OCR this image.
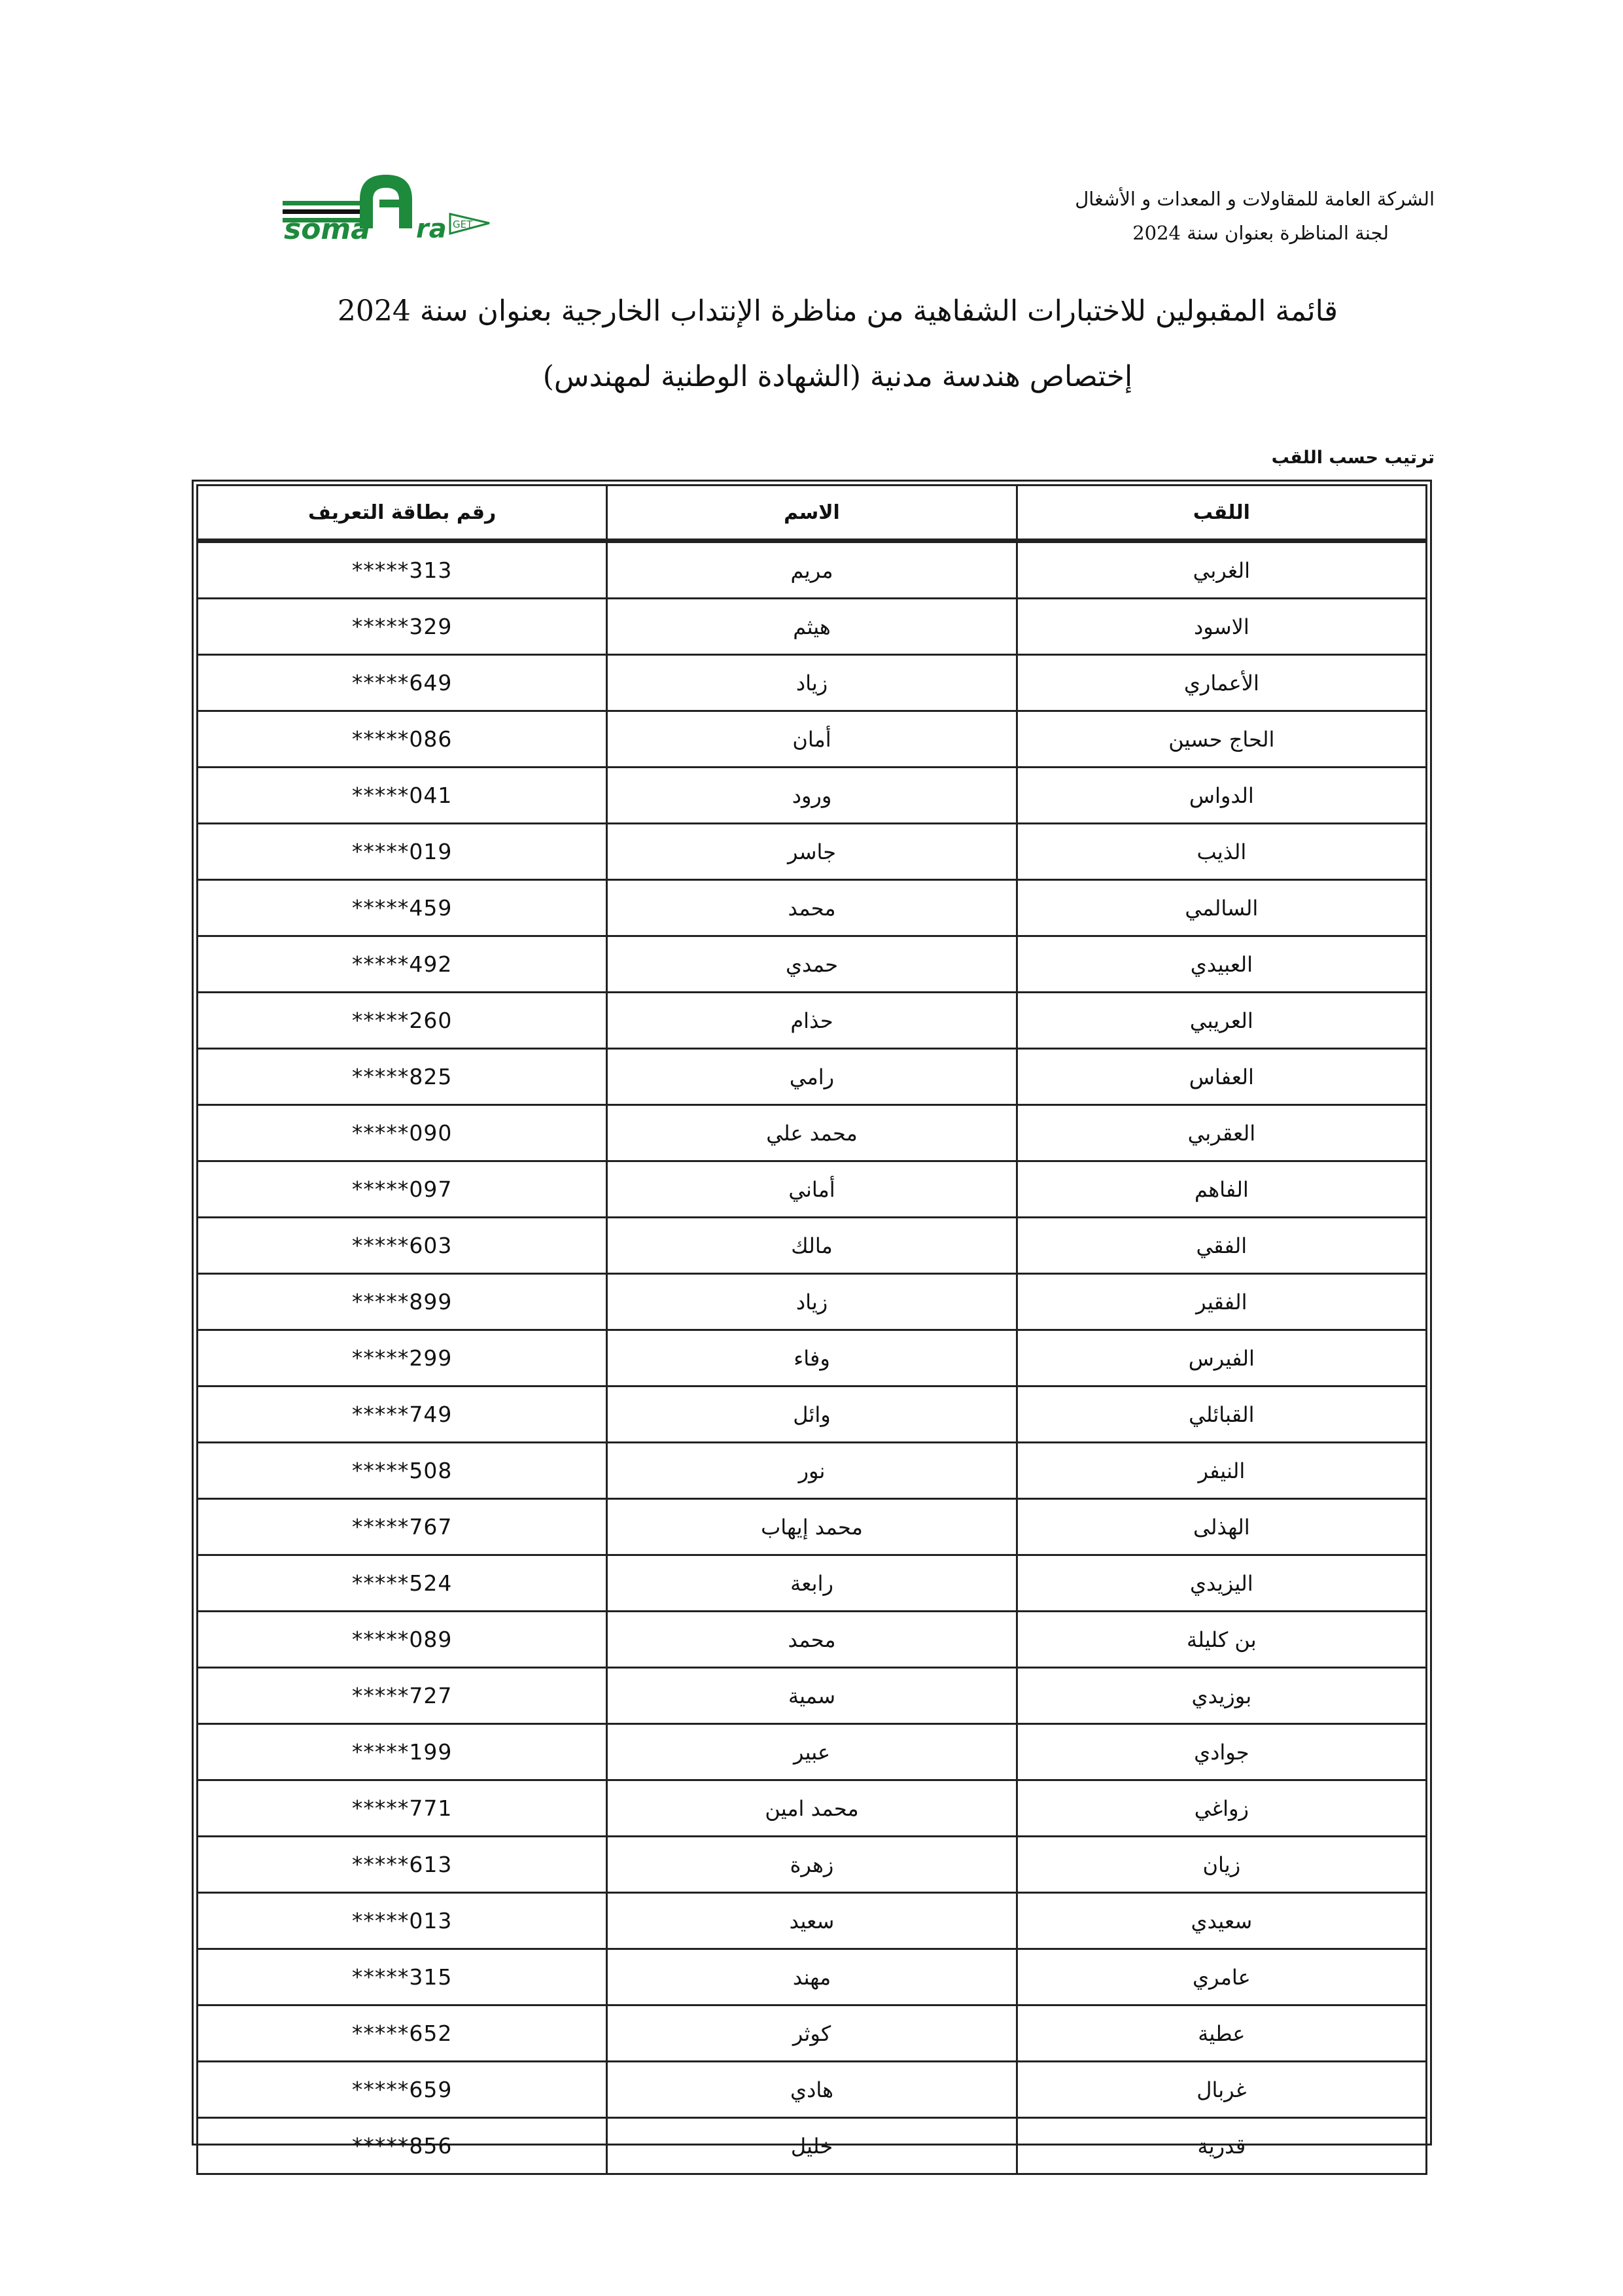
الشركة العامة للمقاولات و المعدات و الأشغال
لجنة المناظرة بعنوان سنة 2024
soma ra GET
قائمة المقبولين للاختبارات الشفاهية من مناظرة الإنتداب الخارجية بعنوان سنة 2024
إختصاص هندسة مدنية (الشهادة الوطنية لمهندس)
ترتيب حسب اللقب
اللقب	الاسم	رقم بطاقة التعريف
الغربي	مريم	*****313
الاسود	هيثم	*****329
الأعماري	زياد	*****649
الحاج حسين	أمان	*****086
الدواس	ورود	*****041
الذيب	جاسر	*****019
السالمي	محمد	*****459
العبيدي	حمدي	*****492
العريبي	حذام	*****260
العفاس	رامي	*****825
العقربي	محمد علي	*****090
الفاهم	أماني	*****097
الفقي	مالك	*****603
الفقير	زياد	*****899
الفيرس	وفاء	*****299
القبائلي	وائل	*****749
النيفر	نور	*****508
الهذلى	محمد إيهاب	*****767
اليزيدي	رابعة	*****524
بن كليلة	محمد	*****089
بوزيدي	سمية	*****727
جوادي	عبير	*****199
زواغي	محمد امين	*****771
زيان	زهرة	*****613
سعيدي	سعيد	*****013
عامري	مهند	*****315
عطية	كوثر	*****652
غربال	هادي	*****659
قدرية	خليل	*****856
